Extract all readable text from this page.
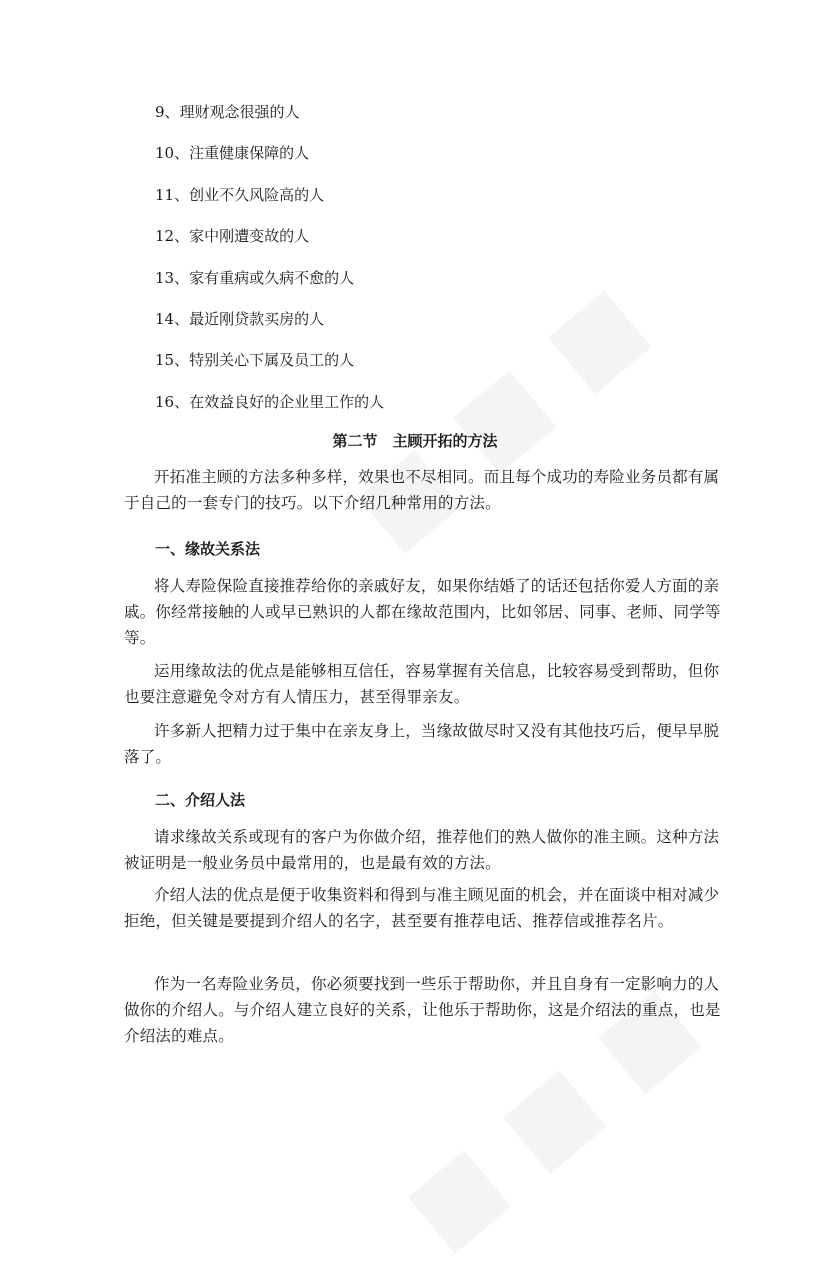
9、理财观念很强的人
10、注重健康保障的人
11、创业不久风险高的人
12、家中刚遭变故的人
13、家有重病或久病不愈的人
14、最近刚贷款买房的人
15、特别关心下属及员工的人
16、在效益良好的企业里工作的人
第二节　主顾开拓的方法
开拓准主顾的方法多种多样，效果也不尽相同。而且每个成功的寿险业务员都有属于自己的一套专门的技巧。以下介绍几种常用的方法。
一、缘故关系法
将人寿险保险直接推荐给你的亲戚好友，如果你结婚了的话还包括你爱人方面的亲戚。你经常接触的人或早已熟识的人都在缘故范围内，比如邻居、同事、老师、同学等等。
运用缘故法的优点是能够相互信任，容易掌握有关信息，比较容易受到帮助，但你也要注意避免令对方有人情压力，甚至得罪亲友。
许多新人把精力过于集中在亲友身上，当缘故做尽时又没有其他技巧后，便早早脱落了。
二、介绍人法
请求缘故关系或现有的客户为你做介绍，推荐他们的熟人做你的准主顾。这种方法被证明是一般业务员中最常用的，也是最有效的方法。
介绍人法的优点是便于收集资料和得到与准主顾见面的机会，并在面谈中相对减少拒绝，但关键是要提到介绍人的名字，甚至要有推荐电话、推荐信或推荐名片。
作为一名寿险业务员，你必须要找到一些乐于帮助你，并且自身有一定影响力的人做你的介绍人。与介绍人建立良好的关系，让他乐于帮助你，这是介绍法的重点，也是介绍法的难点。
